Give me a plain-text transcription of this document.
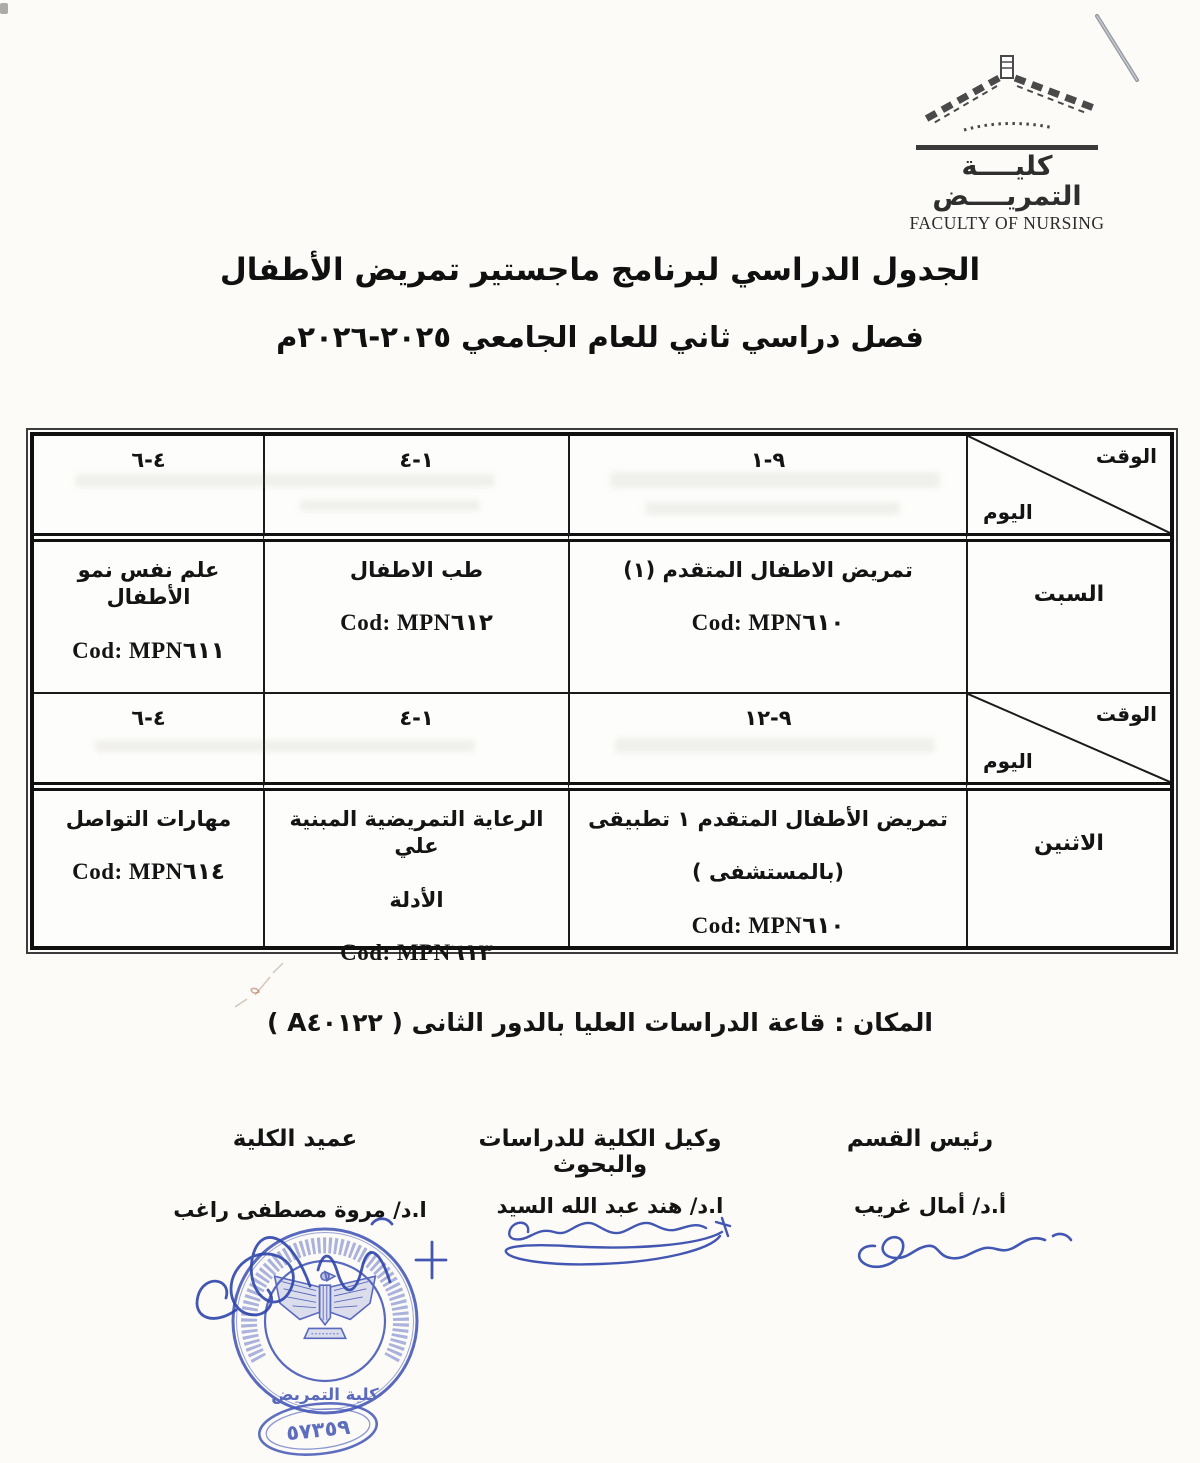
كليــــة التمريــــض
FACULTY OF NURSING
الجدول الدراسي لبرنامج ماجستير تمريض الأطفال
فصل دراسي ثاني للعام الجامعي ٢٠٢٥-٢٠٢٦م
الوقت
اليوم
٩-١
١-٤
٤-٦
السبت
تمريض الاطفال المتقدم (١)
Cod: MPN٦١٠
طب الاطفال
Cod: MPN٦١٢
علم نفس نمو الأطفال
Cod: MPN٦١١
الوقت
اليوم
٩-١٢
١-٤
٤-٦
الاثنين
تمريض الأطفال المتقدم ١ تطبيقى
(بالمستشفى )
Cod: MPN٦١٠
الرعاية التمريضية المبنية علي
الأدلة
Cod: MPN٦١٣
مهارات التواصل
Cod: MPN٦١٤
المكان : قاعة الدراسات العليا بالدور الثانى ( A٤٠١٢٢ )
رئيس القسم
وكيل الكلية للدراسات والبحوث
عميد الكلية
أ.د/ أمال غريب
ا.د/ هند عبد الله السيد
ا.د/ مروة مصطفى راغب
كلية التمريض
٥٧٣٥٩
